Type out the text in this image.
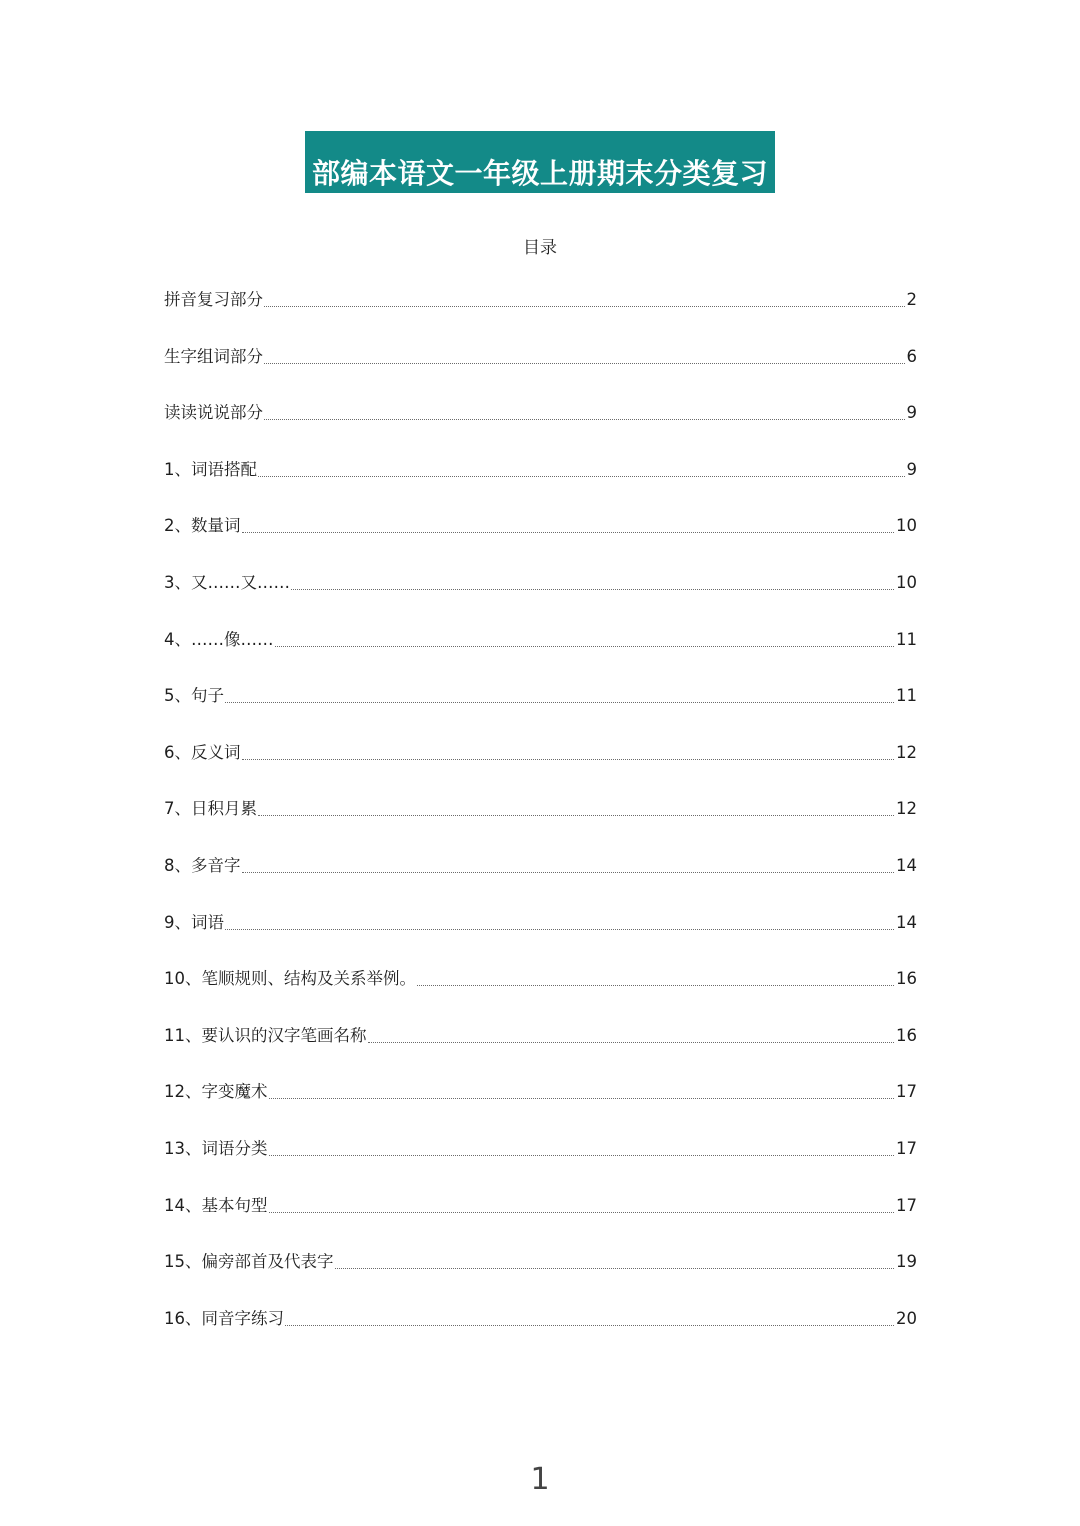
部编本语文一年级上册期末分类复习
目录
拼音复习部分	2
生字组词部分	6
读读说说部分	9
1、词语搭配	9
2、数量词	10
3、又……又……	10
4、……像……	11
5、句子	11
6、反义词	12
7、日积月累	12
8、多音字	14
9、词语	14
10、笔顺规则、结构及关系举例。	16
11、要认识的汉字笔画名称	16
12、字变魔术	17
13、词语分类	17
14、基本句型	17
15、偏旁部首及代表字	19
16、同音字练习	20
1
